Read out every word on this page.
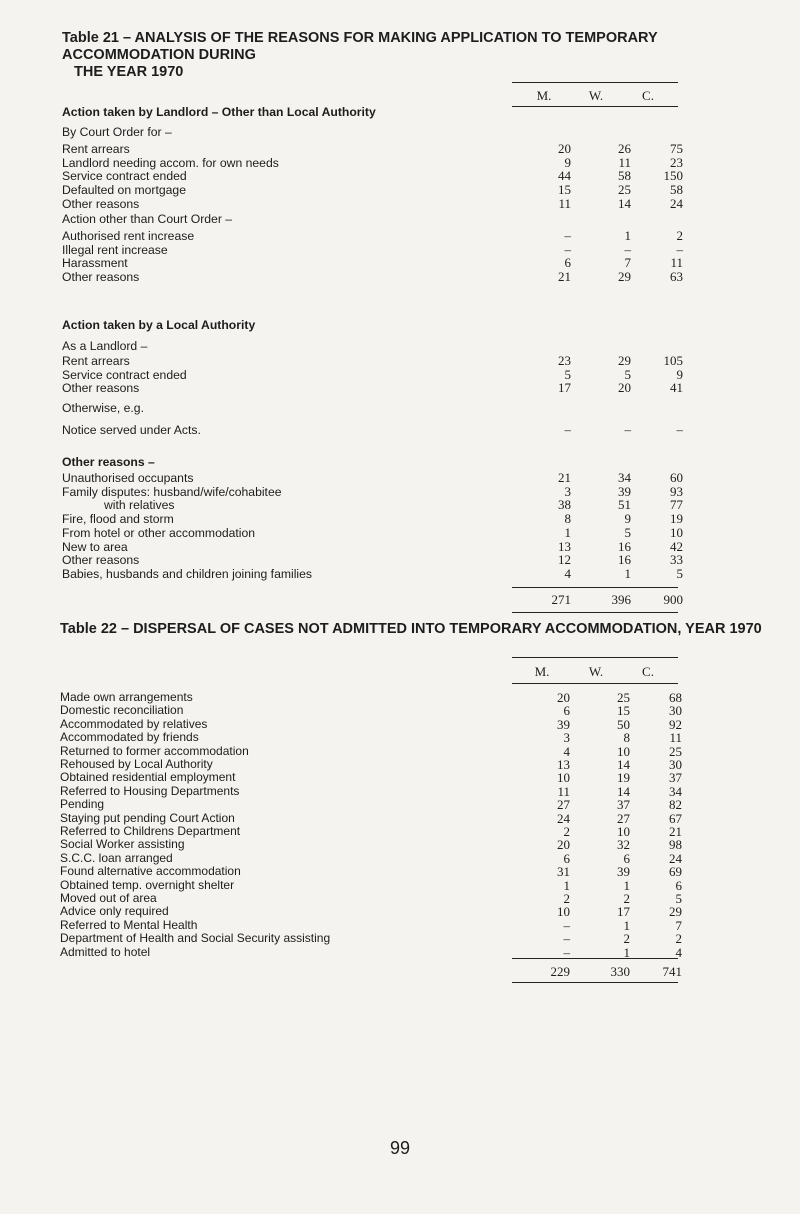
Table 21 – ANALYSIS OF THE REASONS FOR MAKING APPLICATION TO TEMPORARY ACCOMMODATION DURING
THE YEAR 1970
M.	W.	C.
Action taken by Landlord – Other than Local Authority
By Court Order for –
Rent arrears	20	26	75
Landlord needing accom. for own needs	9	11	23
Service contract ended	44	58	150
Defaulted on mortgage	15	25	58
Other reasons	11	14	24
Action other than Court Order –
Authorised rent increase	–	1	2
Illegal rent increase	–	–	–
Harassment	6	7	11
Other reasons	21	29	63
Action taken by a Local Authority
As a Landlord –
Rent arrears	23	29	105
Service contract ended	5	5	9
Other reasons	17	20	41
Otherwise, e.g.
Notice served under Acts.	–	–	–
Other reasons –
Unauthorised occupants	21	34	60
Family disputes: husband/wife/cohabitee	3	39	93
with relatives	38	51	77
Fire, flood and storm	8	9	19
From hotel or other accommodation	1	5	10
New to area	13	16	42
Other reasons	12	16	33
Babies, husbands and children joining families	4	1	5
271	396	900
Table 22 – DISPERSAL OF CASES NOT ADMITTED INTO TEMPORARY ACCOMMODATION, YEAR 1970
M.	W.	C.
Made own arrangements	20	25	68
Domestic reconciliation	6	15	30
Accommodated by relatives	39	50	92
Accommodated by friends	3	8	11
Returned to former accommodation	4	10	25
Rehoused by Local Authority	13	14	30
Obtained residential employment	10	19	37
Referred to Housing Departments	11	14	34
Pending	27	37	82
Staying put pending Court Action	24	27	67
Referred to Childrens Department	2	10	21
Social Worker assisting	20	32	98
S.C.C. loan arranged	6	6	24
Found alternative accommodation	31	39	69
Obtained temp. overnight shelter	1	1	6
Moved out of area	2	2	5
Advice only required	10	17	29
Referred to Mental Health	–	1	7
Department of Health and Social Security assisting	–	2	2
Admitted to hotel	–	1	4
229	330	741
99
